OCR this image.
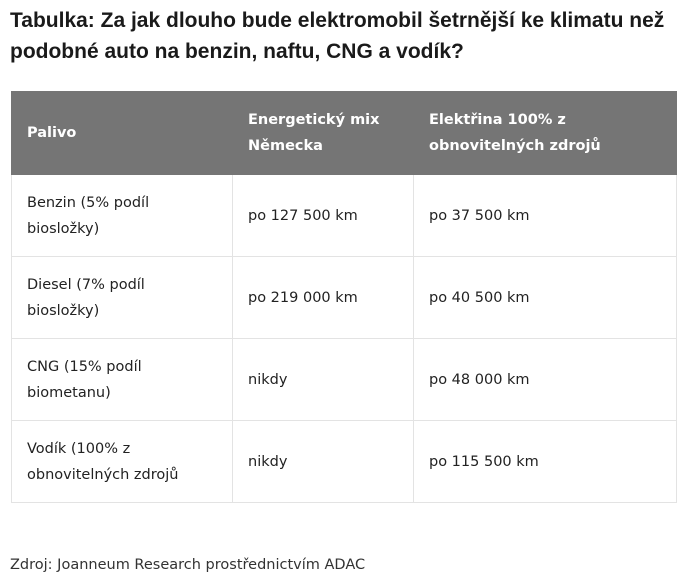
Tabulka: Za jak dlouho bude elektromobil šetrnější ke klimatu než podobné auto na benzin, naftu, CNG a vodík?
Palivo	Energetický mix Německa	Elektřina 100% z obnovitelných zdrojů
Benzin (5% podíl biosložky)	po 127 500 km	po 37 500 km
Diesel (7% podíl biosložky)	po 219 000 km	po 40 500 km
CNG (15% podíl biometanu)	nikdy	po 48 000 km
Vodík (100% z obnovitelných zdrojů	nikdy	po 115 500 km
Zdroj: Joanneum Research prostřednictvím ADAC
